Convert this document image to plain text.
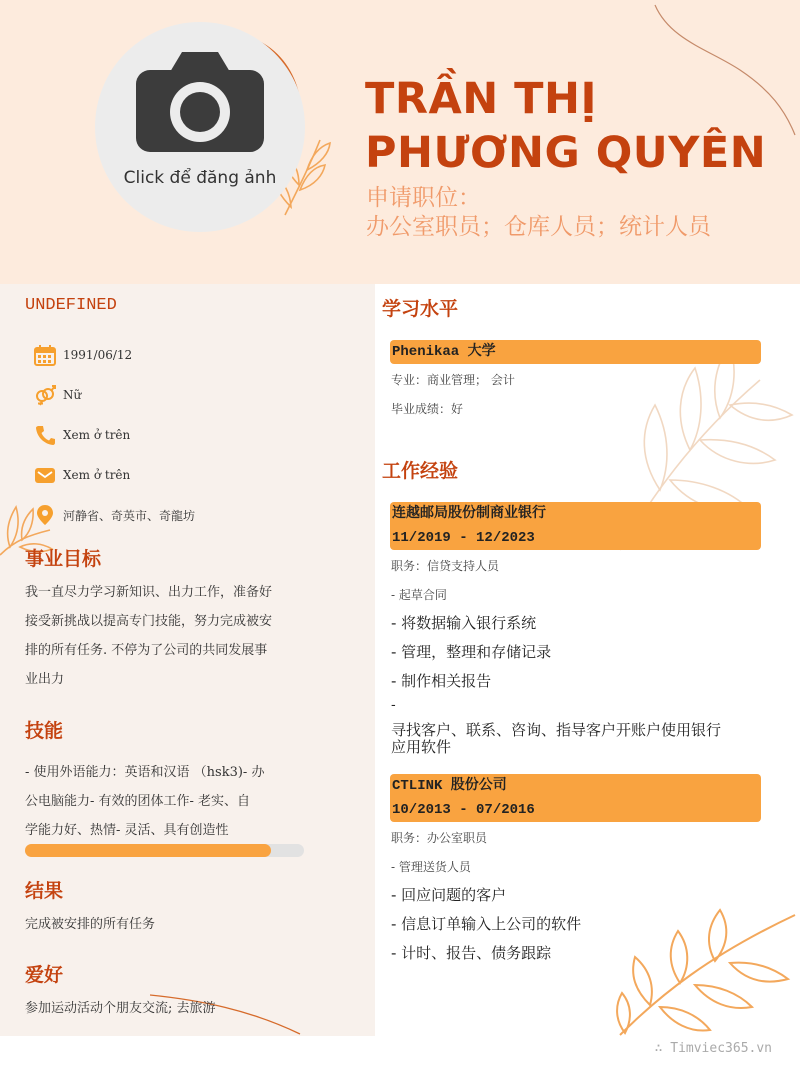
Click để đăng ảnh
TRẦN THỊ
PHƯƠNG QUYÊN
申请职位：
办公室职员；仓库人员；统计人员
UNDEFINED
1991/06/12
Nữ
Xem ở trên
Xem ở trên
河静省、奇英市、奇龍坊
事业目标
我一直尽力学习新知识、出力工作，准备好
接受新挑战以提高专门技能，努力完成被安
排的所有任务. 不停为了公司的共同发展事
业出力
技能
- 使用外语能力：英语和汉语 （hsk3)- 办
公电脑能力- 有效的团体工作- 老实、自
学能力好、热情- 灵活、具有创造性
结果
完成被安排的所有任务
爱好
参加运动活动个朋友交流; 去旅游
学习水平
Phenikaa 大学
专业：商业管理； 会计
毕业成绩：好
工作经验
连越邮局股份制商业银行
11/2019 - 12/2023
职务：信贷支持人员
- 起草合同
- 将数据输入银行系统
- 管理，整理和存储记录
- 制作相关报告
-
寻找客户、联系、咨询、指导客户开账户使用银行
应用软件
CTLINK 股份公司
10/2013 - 07/2016
职务：办公室职员
- 管理送货人员
- 回应问题的客户
- 信息订单输入上公司的软件
- 计时、报告、债务跟踪
∴ Timviec365.vn
